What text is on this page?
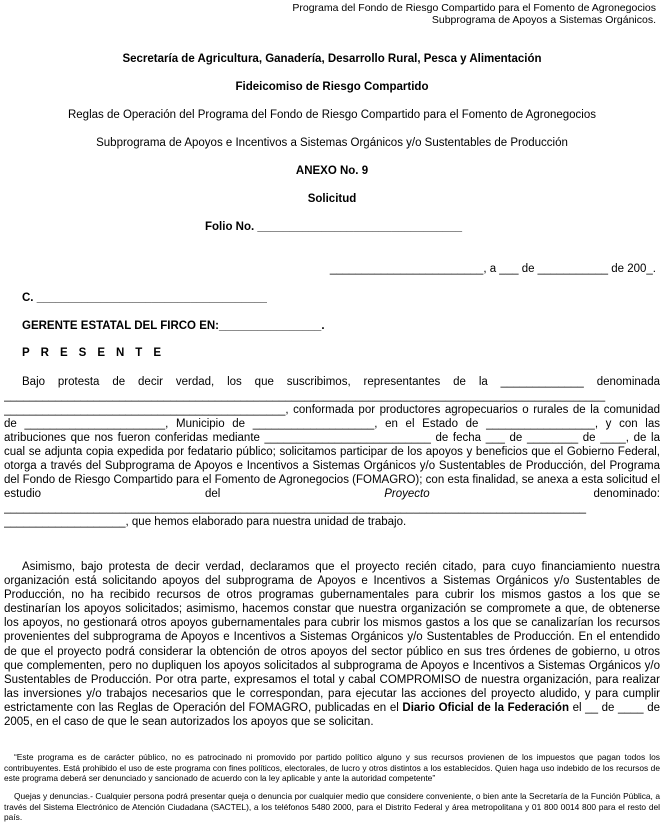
Programa del Fondo de Riesgo Compartido para el Fomento de Agronegocios
Subprograma de Apoyos a Sistemas Orgánicos.
Secretaría de Agricultura, Ganadería, Desarrollo Rural, Pesca y Alimentación
Fideicomiso de Riesgo Compartido
Reglas de Operación del Programa del Fondo de Riesgo Compartido para el Fomento de Agronegocios
Subprograma de Apoyos e Incentivos a Sistemas Orgánicos y/o Sustentables de Producción
ANEXO No. 9
Solicitud
Folio No. ________________________________
________________________, a ___ de ___________ de 200_.
C. ____________________________________
GERENTE ESTATAL DEL FIRCO EN:________________.
PRESENTE
Bajo protesta de decir verdad, los que suscribimos, representantes de la _____________ denominada ______________________________________________________________________________________________ ____________________________________________, conformada por productores agropecuarios o rurales de la comunidad de ______________________, Municipio de ___________________, en el Estado de _________________, y con las atribuciones que nos fueron conferidas mediante __________________________ de fecha ___ de ________ de ____, de la cual se adjunta copia expedida por fedatario público; solicitamos participar de los apoyos y beneficios que el Gobierno Federal, otorga a través del Subprograma de Apoyos e Incentivos a Sistemas Orgánicos y/o Sustentables de Producción, del Programa del Fondo de Riesgo Compartido para el Fomento de Agronegocios (FOMAGRO); con esta finalidad, se anexa a esta solicitud el estudio del	Proyecto	denominado: ___________________________________________________________________________________________ ___________________, que hemos elaborado para nuestra unidad de trabajo.
Asimismo, bajo protesta de decir verdad, declaramos que el proyecto recién citado, para cuyo financiamiento nuestra organización está solicitando apoyos del subprograma de Apoyos e Incentivos a Sistemas Orgánicos y/o Sustentables de Producción, no ha recibido recursos de otros programas gubernamentales para cubrir los mismos gastos a los que se destinarían los apoyos solicitados; asimismo, hacemos constar que nuestra organización se compromete a que, de obtenerse los apoyos, no gestionará otros apoyos gubernamentales para cubrir los mismos gastos a los que se canalizarían los recursos provenientes del subprograma de Apoyos e Incentivos a Sistemas Orgánicos y/o Sustentables de Producción. En el entendido de que el proyecto podrá considerar la obtención de otros apoyos del sector público en sus tres órdenes de gobierno, u otros que complementen, pero no dupliquen los apoyos solicitados al subprograma de Apoyos e Incentivos a Sistemas Orgánicos y/o Sustentables de Producción. Por otra parte, expresamos el total y cabal COMPROMISO de nuestra organización, para realizar las inversiones y/o trabajos necesarios que le correspondan, para ejecutar las acciones del proyecto aludido, y para cumplir estrictamente con las Reglas de Operación del FOMAGRO, publicadas en el Diario Oficial de la Federación el __ de ____ de 2005, en el caso de que le sean autorizados los apoyos que se solicitan.
“Este programa es de carácter público, no es patrocinado ni promovido por partido político alguno y sus recursos provienen de los impuestos que pagan todos los contribuyentes. Está prohibido el uso de este programa con fines políticos, electorales, de lucro y otros distintos a los establecidos. Quien haga uso indebido de los recursos de este programa deberá ser denunciado y sancionado de acuerdo con la ley aplicable y ante la autoridad competente”
Quejas y denuncias.- Cualquier persona podrá presentar queja o denuncia por cualquier medio que considere conveniente, o bien ante la Secretaría de la Función Pública, a través del Sistema Electrónico de Atención Ciudadana (SACTEL), a los teléfonos 5480 2000, para el Distrito Federal y área metropolitana y 01 800 0014 800 para el resto del país.
